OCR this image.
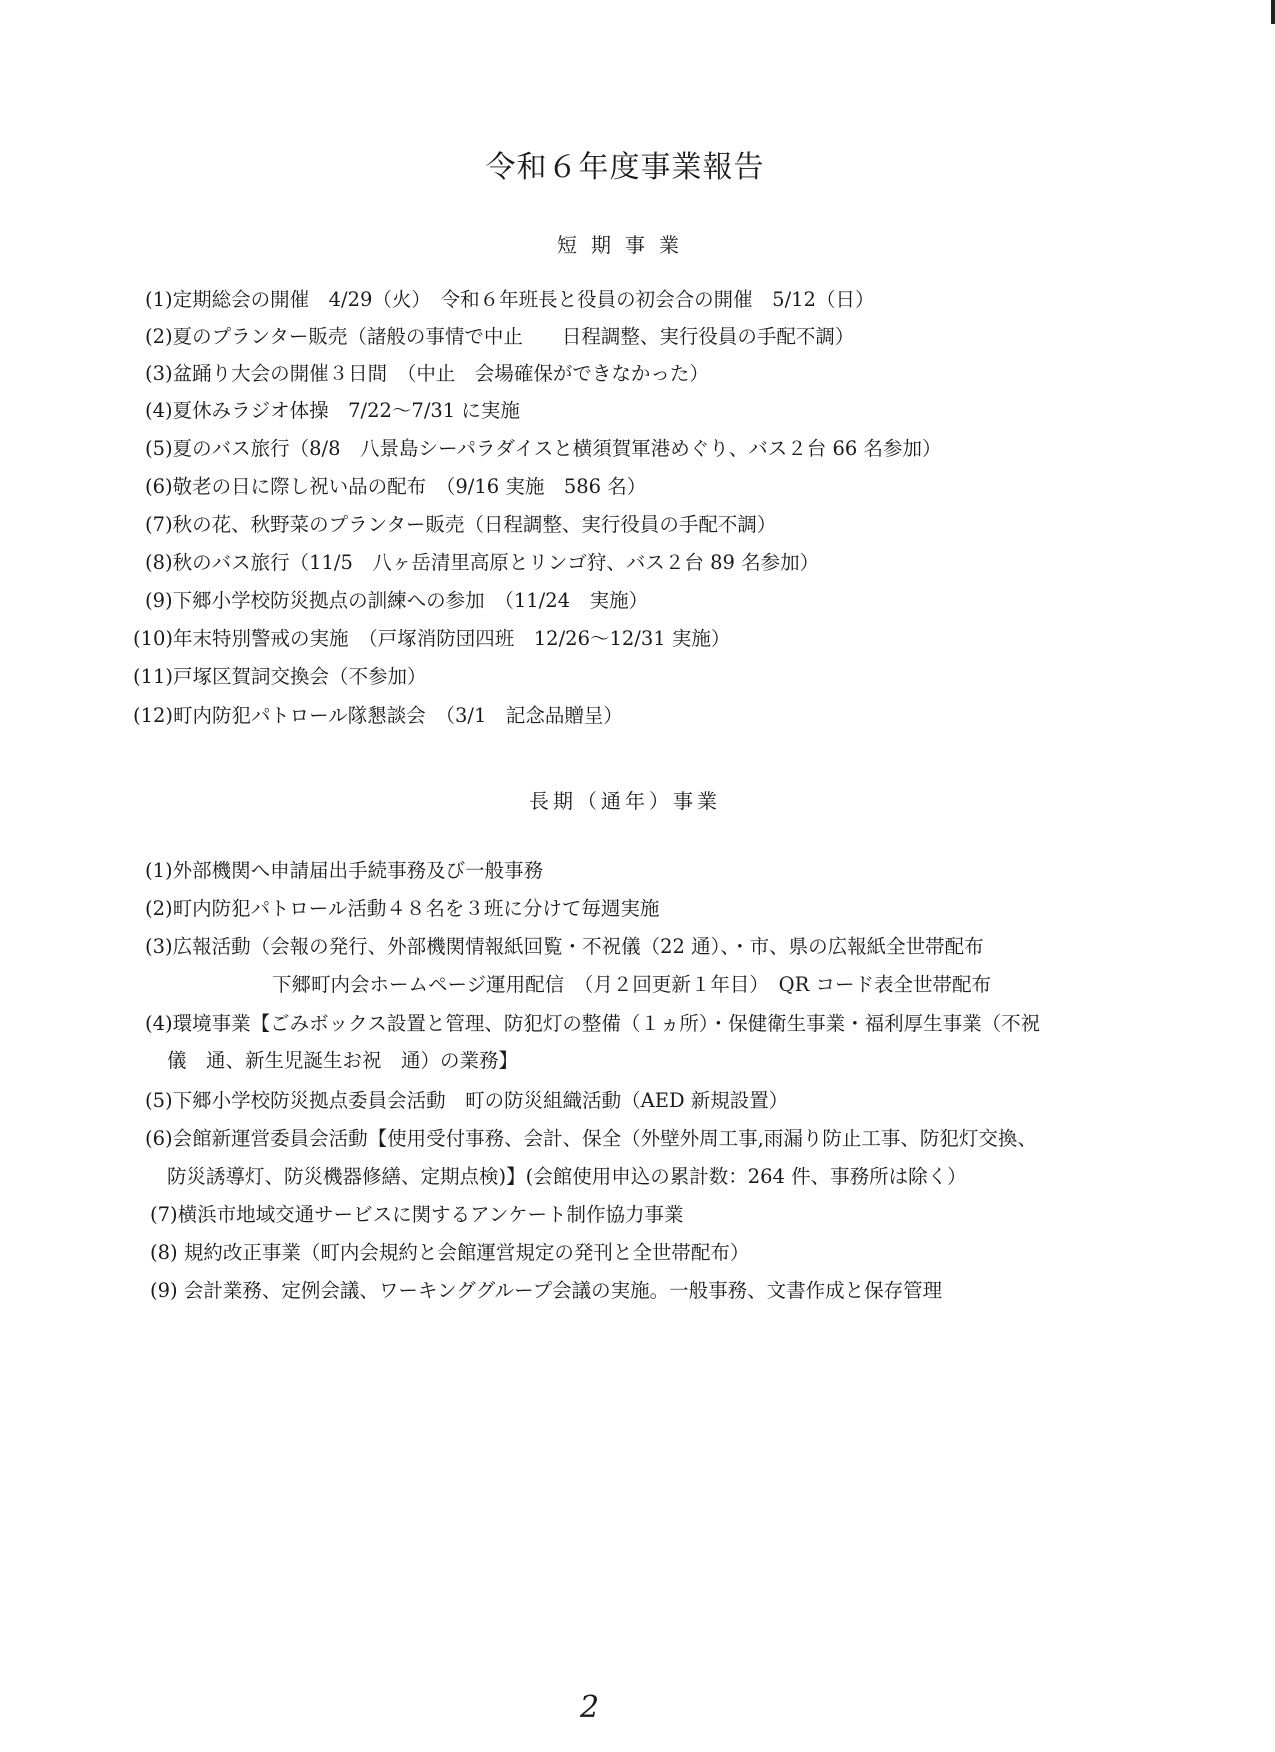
令和６年度事業報告
短期事業
(1)定期総会の開催　4/29（火）　令和６年班長と役員の初会合の開催　5/12（日）
(2)夏のプランター販売（諸般の事情で中止　　日程調整、実行役員の手配不調）
(3)盆踊り大会の開催３日間　（中止　会場確保ができなかった）
(4)夏休みラジオ体操　7/22～7/31 に実施
(5)夏のバス旅行（8/8　八景島シーパラダイスと横須賀軍港めぐり、バス２台 66 名参加）
(6)敬老の日に際し祝い品の配布　（9/16 実施　586 名）
(7)秋の花、秋野菜のプランター販売（日程調整、実行役員の手配不調）
(8)秋のバス旅行（11/5　八ヶ岳清里高原とリンゴ狩、バス２台 89 名参加）
(9)下郷小学校防災拠点の訓練への参加　（11/24　実施）
(10)年末特別警戒の実施　（戸塚消防団四班　12/26～12/31 実施）
(11)戸塚区賀詞交換会（不参加）
(12)町内防犯パトロール隊懇談会　（3/1　記念品贈呈）
長期（通年）事業
(1)外部機関へ申請届出手続事務及び一般事務
(2)町内防犯パトロール活動４８名を３班に分けて毎週実施
(3)広報活動（会報の発行、外部機関情報紙回覧・不祝儀（22 通）、・市、県の広報紙全世帯配布
下郷町内会ホームページ運用配信　（月２回更新１年目）　QR コード表全世帯配布
(4)環境事業【ごみボックス設置と管理、防犯灯の整備（１ヵ所）・保健衛生事業・福利厚生事業（不祝
儀　通、新生児誕生お祝　通）の業務】
(5)下郷小学校防災拠点委員会活動　町の防災組織活動（AED 新規設置）
(6)会館新運営委員会活動【使用受付事務、会計、保全（外壁外周工事,雨漏り防止工事、防犯灯交換、
防災誘導灯、防災機器修繕、定期点検)】(会館使用申込の累計数：264 件、事務所は除く）
(7)横浜市地域交通サービスに関するアンケート制作協力事業
(8) 規約改正事業（町内会規約と会館運営規定の発刊と全世帯配布）
(9) 会計業務、定例会議、ワーキンググループ会議の実施。一般事務、文書作成と保存管理
2
